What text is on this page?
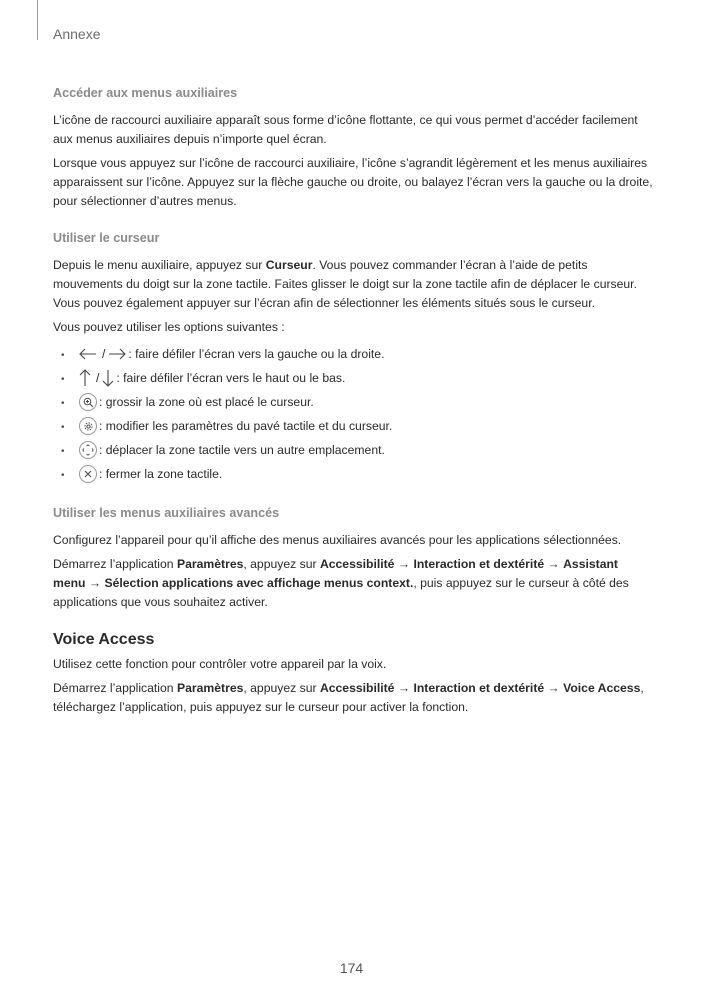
Annexe
Accéder aux menus auxiliaires

L’icône de raccourci auxiliaire apparaît sous forme d’icône flottante, ce qui vous permet d’accéder facilement aux menus auxiliaires depuis n’importe quel écran.

Lorsque vous appuyez sur l’icône de raccourci auxiliaire, l’icône s’agrandit légèrement et les menus auxiliaires apparaissent sur l’icône. Appuyez sur la flèche gauche ou droite, ou balayez l’écran vers la gauche ou la droite, pour sélectionner d’autres menus.

Utiliser le curseur

Depuis le menu auxiliaire, appuyez sur Curseur. Vous pouvez commander l’écran à l’aide de petits mouvements du doigt sur la zone tactile. Faites glisser le doigt sur la zone tactile afin de déplacer le curseur. Vous pouvez également appuyer sur l’écran afin de sélectionner les éléments situés sous le curseur.

Vous pouvez utiliser les options suivantes :

•	/ : faire défiler l’écran vers la gauche ou la droite.
•	/ : faire défiler l’écran vers le haut ou le bas.
•	: grossir la zone où est placé le curseur.
•	: modifier les paramètres du pavé tactile et du curseur.
•	: déplacer la zone tactile vers un autre emplacement.
•	: fermer la zone tactile.
Utiliser les menus auxiliaires avancés

Configurez l’appareil pour qu’il affiche des menus auxiliaires avancés pour les applications sélectionnées.

Démarrez l’application Paramètres, appuyez sur Accessibilité → Interaction et dextérité → Assistant menu → Sélection applications avec affichage menus context., puis appuyez sur le curseur à côté des applications que vous souhaitez activer.

Voice Access

Utilisez cette fonction pour contrôler votre appareil par la voix.

Démarrez l’application Paramètres, appuyez sur Accessibilité → Interaction et dextérité → Voice Access, téléchargez l’application, puis appuyez sur le curseur pour activer la fonction.

174
